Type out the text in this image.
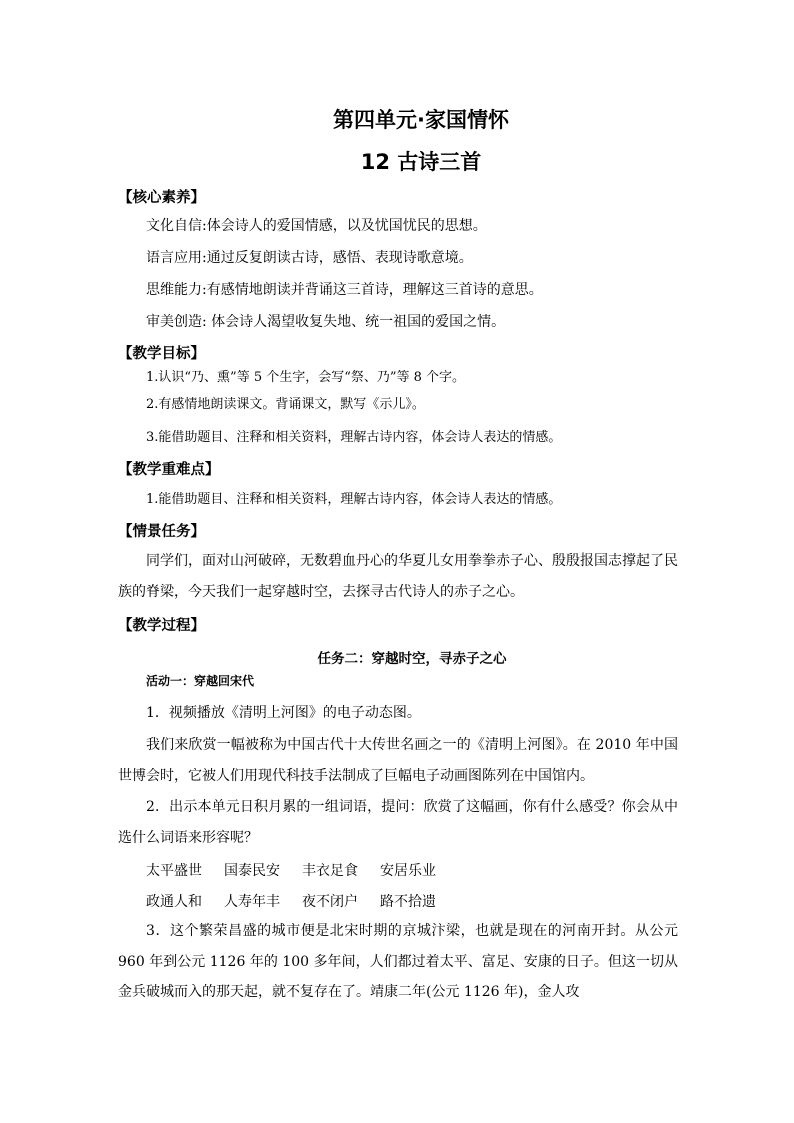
第四单元·家国情怀
12 古诗三首
【核心素养】
文化自信:体会诗人的爱国情感，以及忧国忧民的思想。
语言应用:通过反复朗读古诗，感悟、表现诗歌意境。
思维能力:有感情地朗读并背诵这三首诗，理解这三首诗的意思。
审美创造: 体会诗人渴望收复失地、统一祖国的爱国之情。
【教学目标】
1.认识“乃、熏”等 5 个生字，会写“祭、乃”等 8 个字。
2.有感情地朗读课文。背诵课文，默写《示儿》。
3.能借助题目、注释和相关资料，理解古诗内容，体会诗人表达的情感。
【教学重难点】
1.能借助题目、注释和相关资料，理解古诗内容，体会诗人表达的情感。
【情景任务】
同学们，面对山河破碎，无数碧血丹心的华夏儿女用拳拳赤子心、殷殷报国志撑起了民族的脊梁，今天我们一起穿越时空，去探寻古代诗人的赤子之心。
【教学过程】
任务二：穿越时空，寻赤子之心
活动一：穿越回宋代
1．视频播放《清明上河图》的电子动态图。
我们来欣赏一幅被称为中国古代十大传世名画之一的《清明上河图》。在 2010 年中国世博会时，它被人们用现代科技手法制成了巨幅电子动画图陈列在中国馆内。
2．出示本单元日积月累的一组词语，提问：欣赏了这幅画，你有什么感受？你会从中选什么词语来形容呢？
太平盛世 国泰民安 丰衣足食 安居乐业
政通人和 人寿年丰 夜不闭户 路不拾遗
3．这个繁荣昌盛的城市便是北宋时期的京城汴梁，也就是现在的河南开封。从公元 960 年到公元 1126 年的 100 多年间，人们都过着太平、富足、安康的日子。但这一切从金兵破城而入的那天起，就不复存在了。靖康二年(公元 1126 年)，金人攻
